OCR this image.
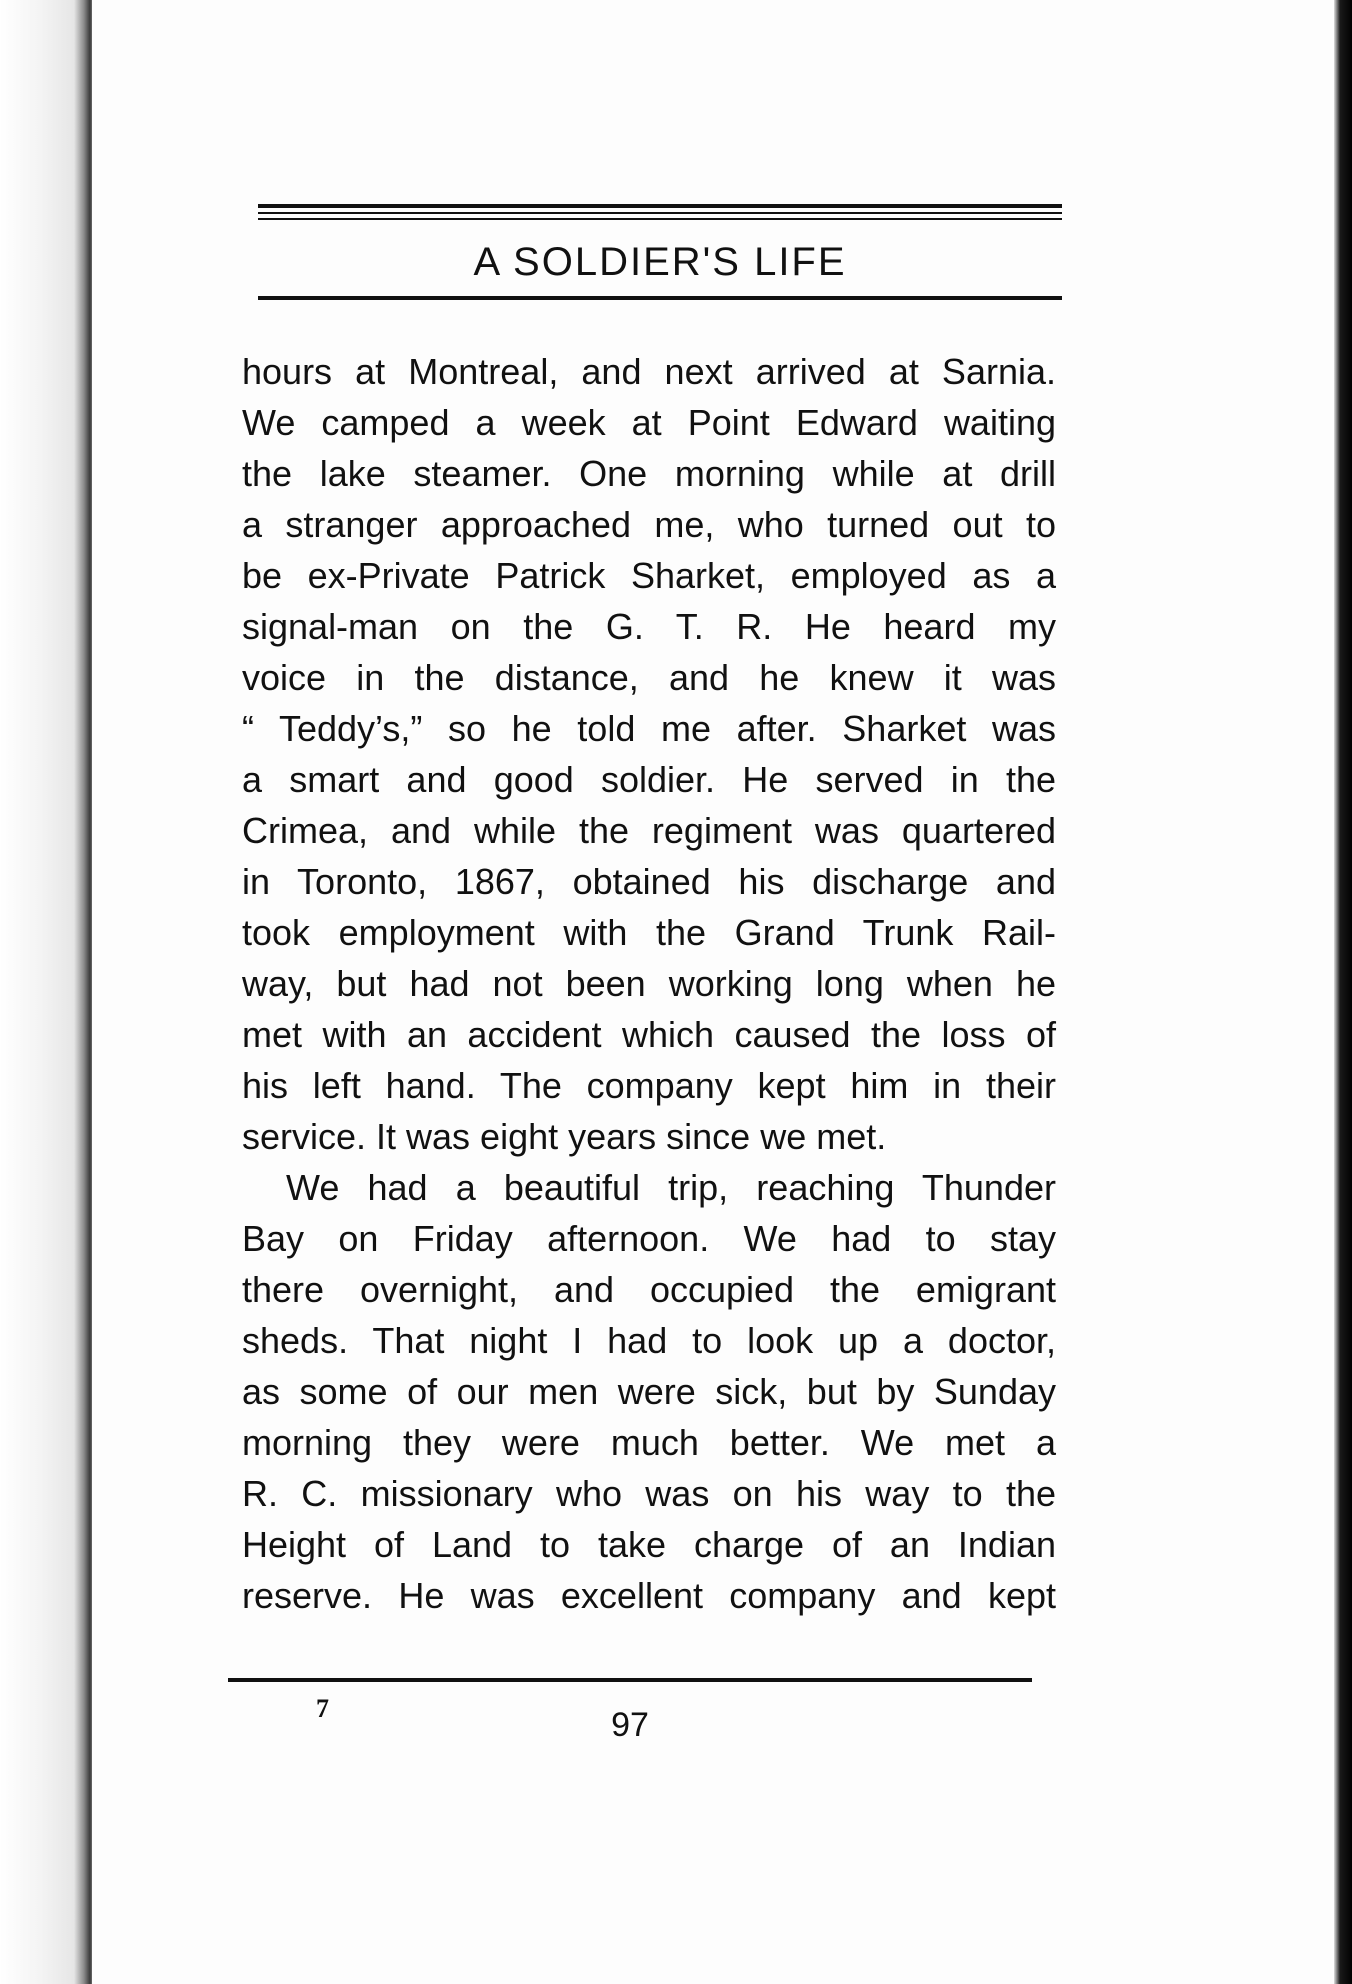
A SOLDIER'S LIFE
hours at Montreal, and next arrived at Sarnia.
We camped a week at Point Edward waiting
the lake steamer. One morning while at drill
a stranger approached me, who turned out to
be ex-Private Patrick Sharket, employed as a
signal-man on the G. T. R. He heard my
voice in the distance, and he knew it was
“ Teddy’s,” so he told me after. Sharket was
a smart and good soldier. He served in the
Crimea, and while the regiment was quartered
in Toronto, 1867, obtained his discharge and
took employment with the Grand Trunk Rail-
way, but had not been working long when he
met with an accident which caused the loss of
his left hand. The company kept him in their
service. It was eight years since we met.
We had a beautiful trip, reaching Thunder
Bay on Friday afternoon. We had to stay
there overnight, and occupied the emigrant
sheds. That night I had to look up a doctor,
as some of our men were sick, but by Sunday
morning they were much better. We met a
R. C. missionary who was on his way to the
Height of Land to take charge of an Indian
reserve. He was excellent company and kept
7	97
